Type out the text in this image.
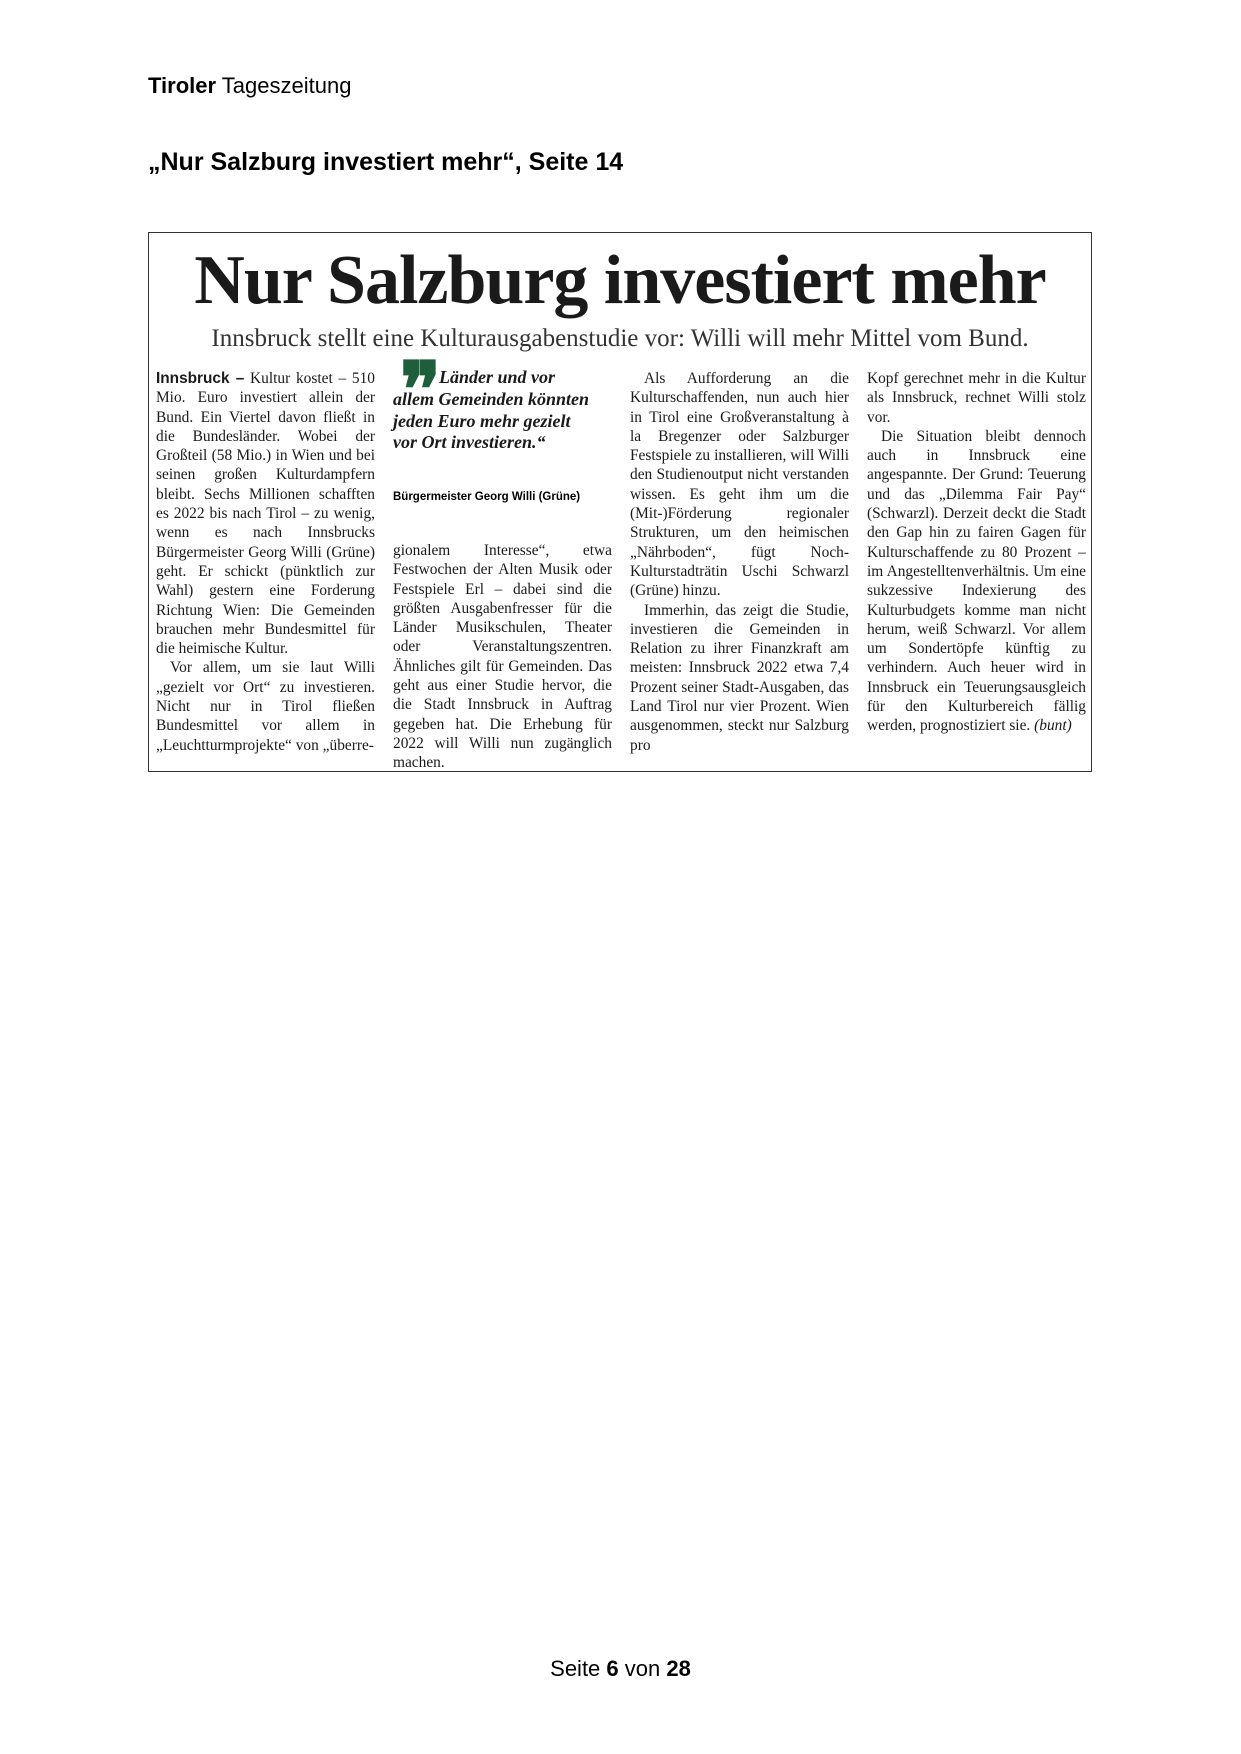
Tiroler Tageszeitung
„Nur Salzburg investiert mehr“, Seite 14
Nur Salzburg investiert mehr
Innsbruck stellt eine Kulturausgabenstudie vor: Willi will mehr Mittel vom Bund.

Innsbruck – Kultur kostet – 510 Mio. Euro investiert allein der Bund. Ein Viertel davon fließt in die Bundesländer. Wobei der Großteil (58 Mio.) in Wien und bei seinen großen Kulturdampfern bleibt. Sechs Millionen schafften es 2022 bis nach Tirol – zu wenig, wenn es nach Innsbrucks Bürgermeister Georg Willi (Grüne) geht. Er schickt (pünktlich zur Wahl) gestern eine Forderung Richtung Wien: Die Gemeinden brauchen mehr Bundesmittel für die heimische Kultur.

Vor allem, um sie laut Willi „gezielt vor Ort“ zu investieren. Nicht nur in Tirol fließen Bundesmittel vor allem in „Leuchtturmprojekte“ von „überre-

❞
Länder und vor allem Gemeinden könnten jeden Euro mehr gezielt vor Ort investieren.“
Bürgermeister Georg Willi (Grüne)

gionalem Interesse“, etwa Festwochen der Alten Musik oder Festspiele Erl – dabei sind die größten Ausgabenfresser für die Länder Musikschulen, Theater oder Veranstaltungszentren. Ähnliches gilt für Gemeinden. Das geht aus einer Studie hervor, die die Stadt Innsbruck in Auftrag gegeben hat. Die Erhebung für 2022 will Willi nun zugänglich machen.

Als Aufforderung an die Kulturschaffenden, nun auch hier in Tirol eine Großveranstaltung à la Bregenzer oder Salzburger Festspiele zu installieren, will Willi den Studienoutput nicht verstanden wissen. Es geht ihm um die (Mit-)Förderung regionaler Strukturen, um den heimischen „Nährboden“, fügt Noch-Kulturstadträtin Uschi Schwarzl (Grüne) hinzu.

Immerhin, das zeigt die Studie, investieren die Gemeinden in Relation zu ihrer Finanzkraft am meisten: Innsbruck 2022 etwa 7,4 Prozent seiner Stadt-Ausgaben, das Land Tirol nur vier Prozent. Wien ausgenommen, steckt nur Salzburg pro

Kopf gerechnet mehr in die Kultur als Innsbruck, rechnet Willi stolz vor.

Die Situation bleibt dennoch auch in Innsbruck eine angespannte. Der Grund: Teuerung und das „Dilemma Fair Pay“ (Schwarzl). Derzeit deckt die Stadt den Gap hin zu fairen Gagen für Kulturschaffende zu 80 Prozent – im Angestelltenverhältnis. Um eine sukzessive Indexierung des Kulturbudgets komme man nicht herum, weiß Schwarzl. Vor allem um Sondertöpfe künftig zu verhindern. Auch heuer wird in Innsbruck ein Teuerungsausgleich für den Kulturbereich fällig werden, prognostiziert sie. (bunt)

Seite 6 von 28
